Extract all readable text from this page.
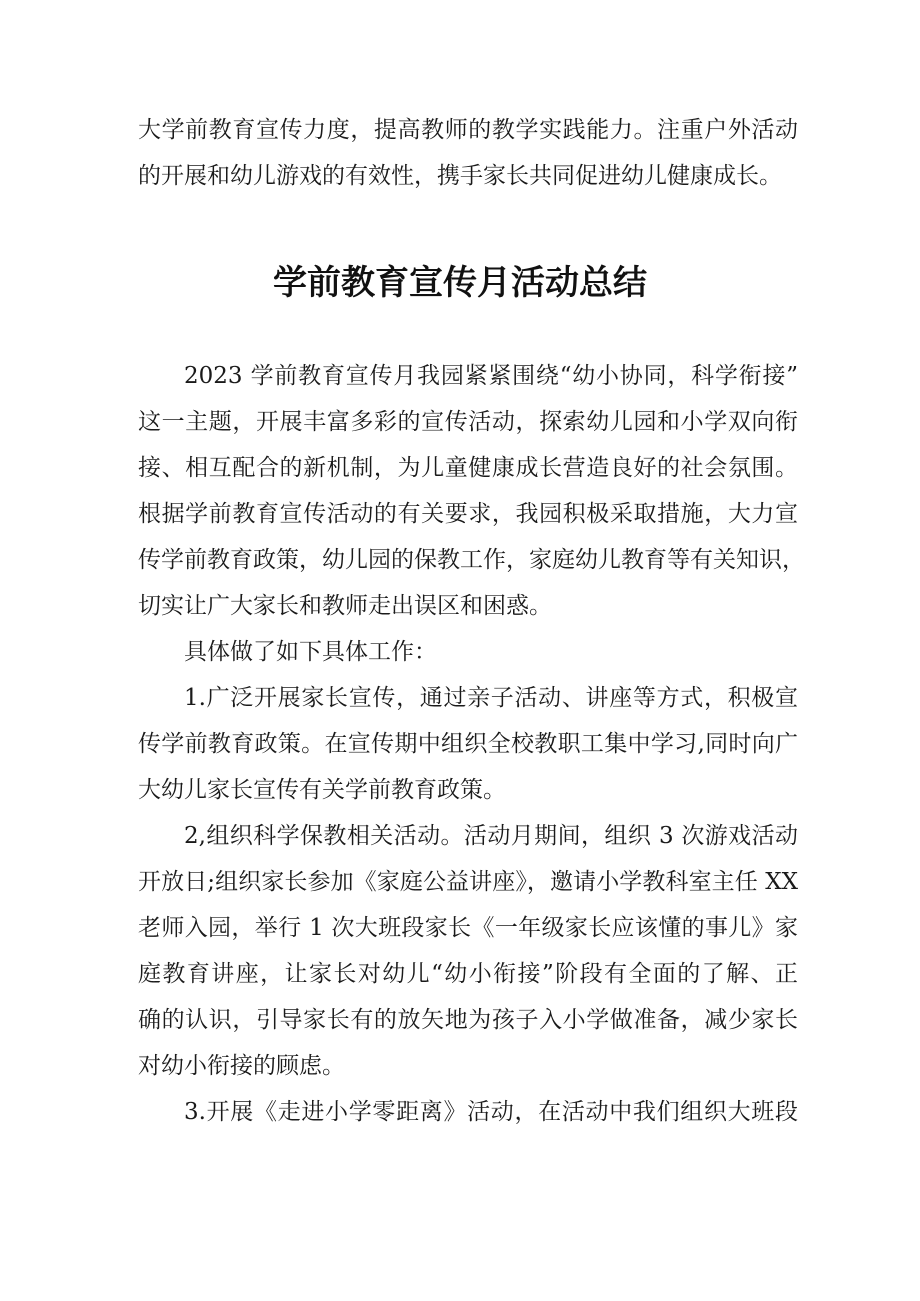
大学前教育宣传力度，提高教师的教学实践能力。注重户外活动
的开展和幼儿游戏的有效性，携手家长共同促进幼儿健康成长。
学前教育宣传月活动总结
2023 学前教育宣传月我园紧紧围绕“幼小协同，科学衔接”
这一主题，开展丰富多彩的宣传活动，探索幼儿园和小学双向衔
接、相互配合的新机制，为儿童健康成长营造良好的社会氛围。
根据学前教育宣传活动的有关要求，我园积极采取措施，大力宣
传学前教育政策，幼儿园的保教工作，家庭幼儿教育等有关知识，
切实让广大家长和教师走出误区和困惑。
具体做了如下具体工作：
1.广泛开展家长宣传，通过亲子活动、讲座等方式，积极宣
传学前教育政策。在宣传期中组织全校教职工集中学习,同时向广
大幼儿家长宣传有关学前教育政策。
2,组织科学保教相关活动。活动月期间，组织 3 次游戏活动
开放日;组织家长参加《家庭公益讲座》，邀请小学教科室主任 XX
老师入园，举行 1 次大班段家长《一年级家长应该懂的事儿》家
庭教育讲座，让家长对幼儿“幼小衔接”阶段有全面的了解、正
确的认识，引导家长有的放矢地为孩子入小学做准备，减少家长
对幼小衔接的顾虑。
3.开展《走进小学零距离》活动，在活动中我们组织大班段
